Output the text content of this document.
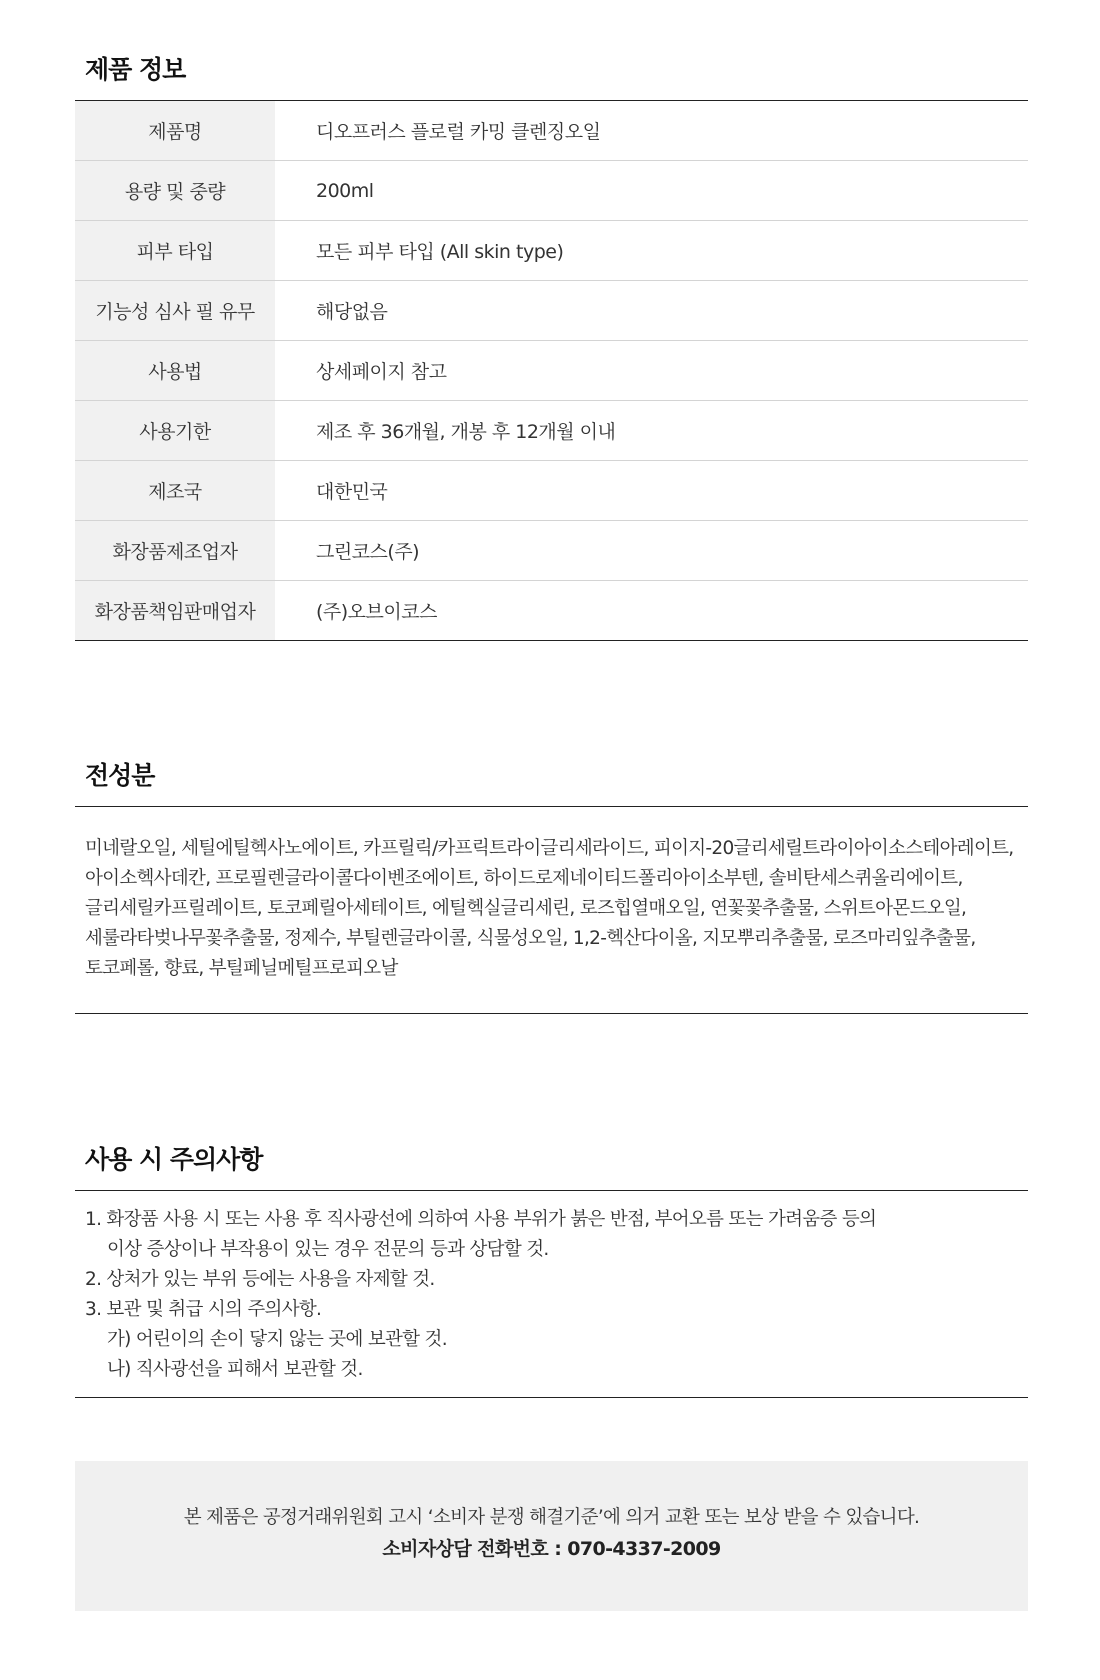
제품 정보
제품명	디오프러스 플로럴 카밍 클렌징오일
용량 및 중량	200ml
피부 타입	모든 피부 타입 (All skin type)
기능성 심사 필 유무	해당없음
사용법	상세페이지 참고
사용기한	제조 후 36개월, 개봉 후 12개월 이내
제조국	대한민국
화장품제조업자	그린코스(주)
화장품책임판매업자	(주)오브이코스
전성분
미네랄오일, 세틸에틸헥사노에이트, 카프릴릭/카프릭트라이글리세라이드, 피이지-20글리세릴트라이아이소스테아레이트,
아이소헥사데칸, 프로필렌글라이콜다이벤조에이트, 하이드로제네이티드폴리아이소부텐, 솔비탄세스퀴올리에이트,
글리세릴카프릴레이트, 토코페릴아세테이트, 에틸헥실글리세린, 로즈힙열매오일, 연꽃꽃추출물, 스위트아몬드오일,
세룰라타벚나무꽃추출물, 정제수, 부틸렌글라이콜, 식물성오일, 1,2-헥산다이올, 지모뿌리추출물, 로즈마리잎추출물,
토코페롤, 향료, 부틸페닐메틸프로피오날
사용 시 주의사항
1. 화장품 사용 시 또는 사용 후 직사광선에 의하여 사용 부위가 붉은 반점, 부어오름 또는 가려움증 등의
이상 증상이나 부작용이 있는 경우 전문의 등과 상담할 것.
2. 상처가 있는 부위 등에는 사용을 자제할 것.
3. 보관 및 취급 시의 주의사항.
가) 어린이의 손이 닿지 않는 곳에 보관할 것.
나) 직사광선을 피해서 보관할 것.
본 제품은 공정거래위원회 고시 ‘소비자 분쟁 해결기준’에 의거 교환 또는 보상 받을 수 있습니다.
소비자상담 전화번호 : 070-4337-2009
